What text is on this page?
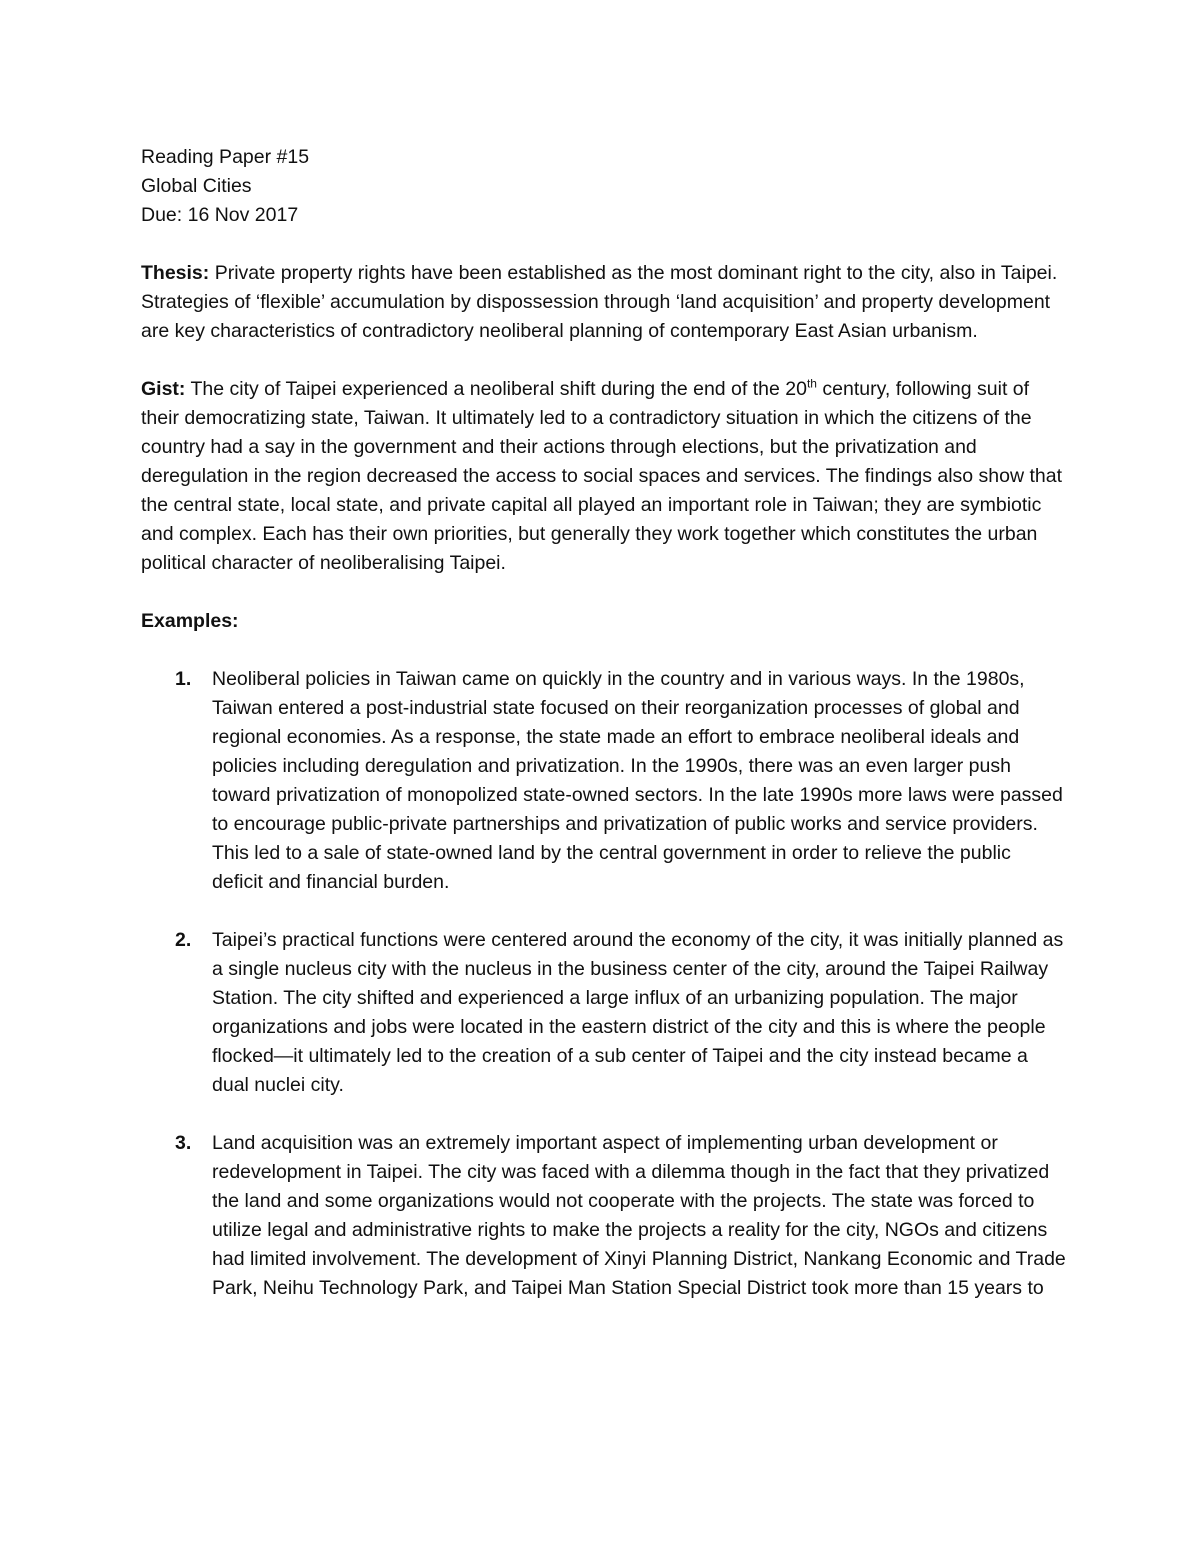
Reading Paper #15
Global Cities
Due: 16 Nov 2017

Thesis: Private property rights have been established as the most dominant right to the city, also in Taipei. Strategies of ‘flexible’ accumulation by dispossession through ‘land acquisition’ and property development are key characteristics of contradictory neoliberal planning of contemporary East Asian urbanism.

Gist: The city of Taipei experienced a neoliberal shift during the end of the 20th century, following suit of their democratizing state, Taiwan. It ultimately led to a contradictory situation in which the citizens of the country had a say in the government and their actions through elections, but the privatization and deregulation in the region decreased the access to social spaces and services. The findings also show that the central state, local state, and private capital all played an important role in Taiwan; they are symbiotic and complex. Each has their own priorities, but generally they work together which constitutes the urban political character of neoliberalising Taipei.

Examples:

1. Neoliberal policies in Taiwan came on quickly in the country and in various ways. In the 1980s, Taiwan entered a post-industrial state focused on their reorganization processes of global and regional economies. As a response, the state made an effort to embrace neoliberal ideals and policies including deregulation and privatization. In the 1990s, there was an even larger push toward privatization of monopolized state-owned sectors. In the late 1990s more laws were passed to encourage public-private partnerships and privatization of public works and service providers. This led to a sale of state-owned land by the central government in order to relieve the public deficit and financial burden.
2. Taipei’s practical functions were centered around the economy of the city, it was initially planned as a single nucleus city with the nucleus in the business center of the city, around the Taipei Railway Station. The city shifted and experienced a large influx of an urbanizing population. The major organizations and jobs were located in the eastern district of the city and this is where the people flocked—it ultimately led to the creation of a sub center of Taipei and the city instead became a dual nuclei city.
3. Land acquisition was an extremely important aspect of implementing urban development or redevelopment in Taipei. The city was faced with a dilemma though in the fact that they privatized the land and some organizations would not cooperate with the projects. The state was forced to utilize legal and administrative rights to make the projects a reality for the city, NGOs and citizens had limited involvement. The development of Xinyi Planning District, Nankang Economic and Trade Park, Neihu Technology Park, and Taipei Man Station Special District took more than 15 years to
